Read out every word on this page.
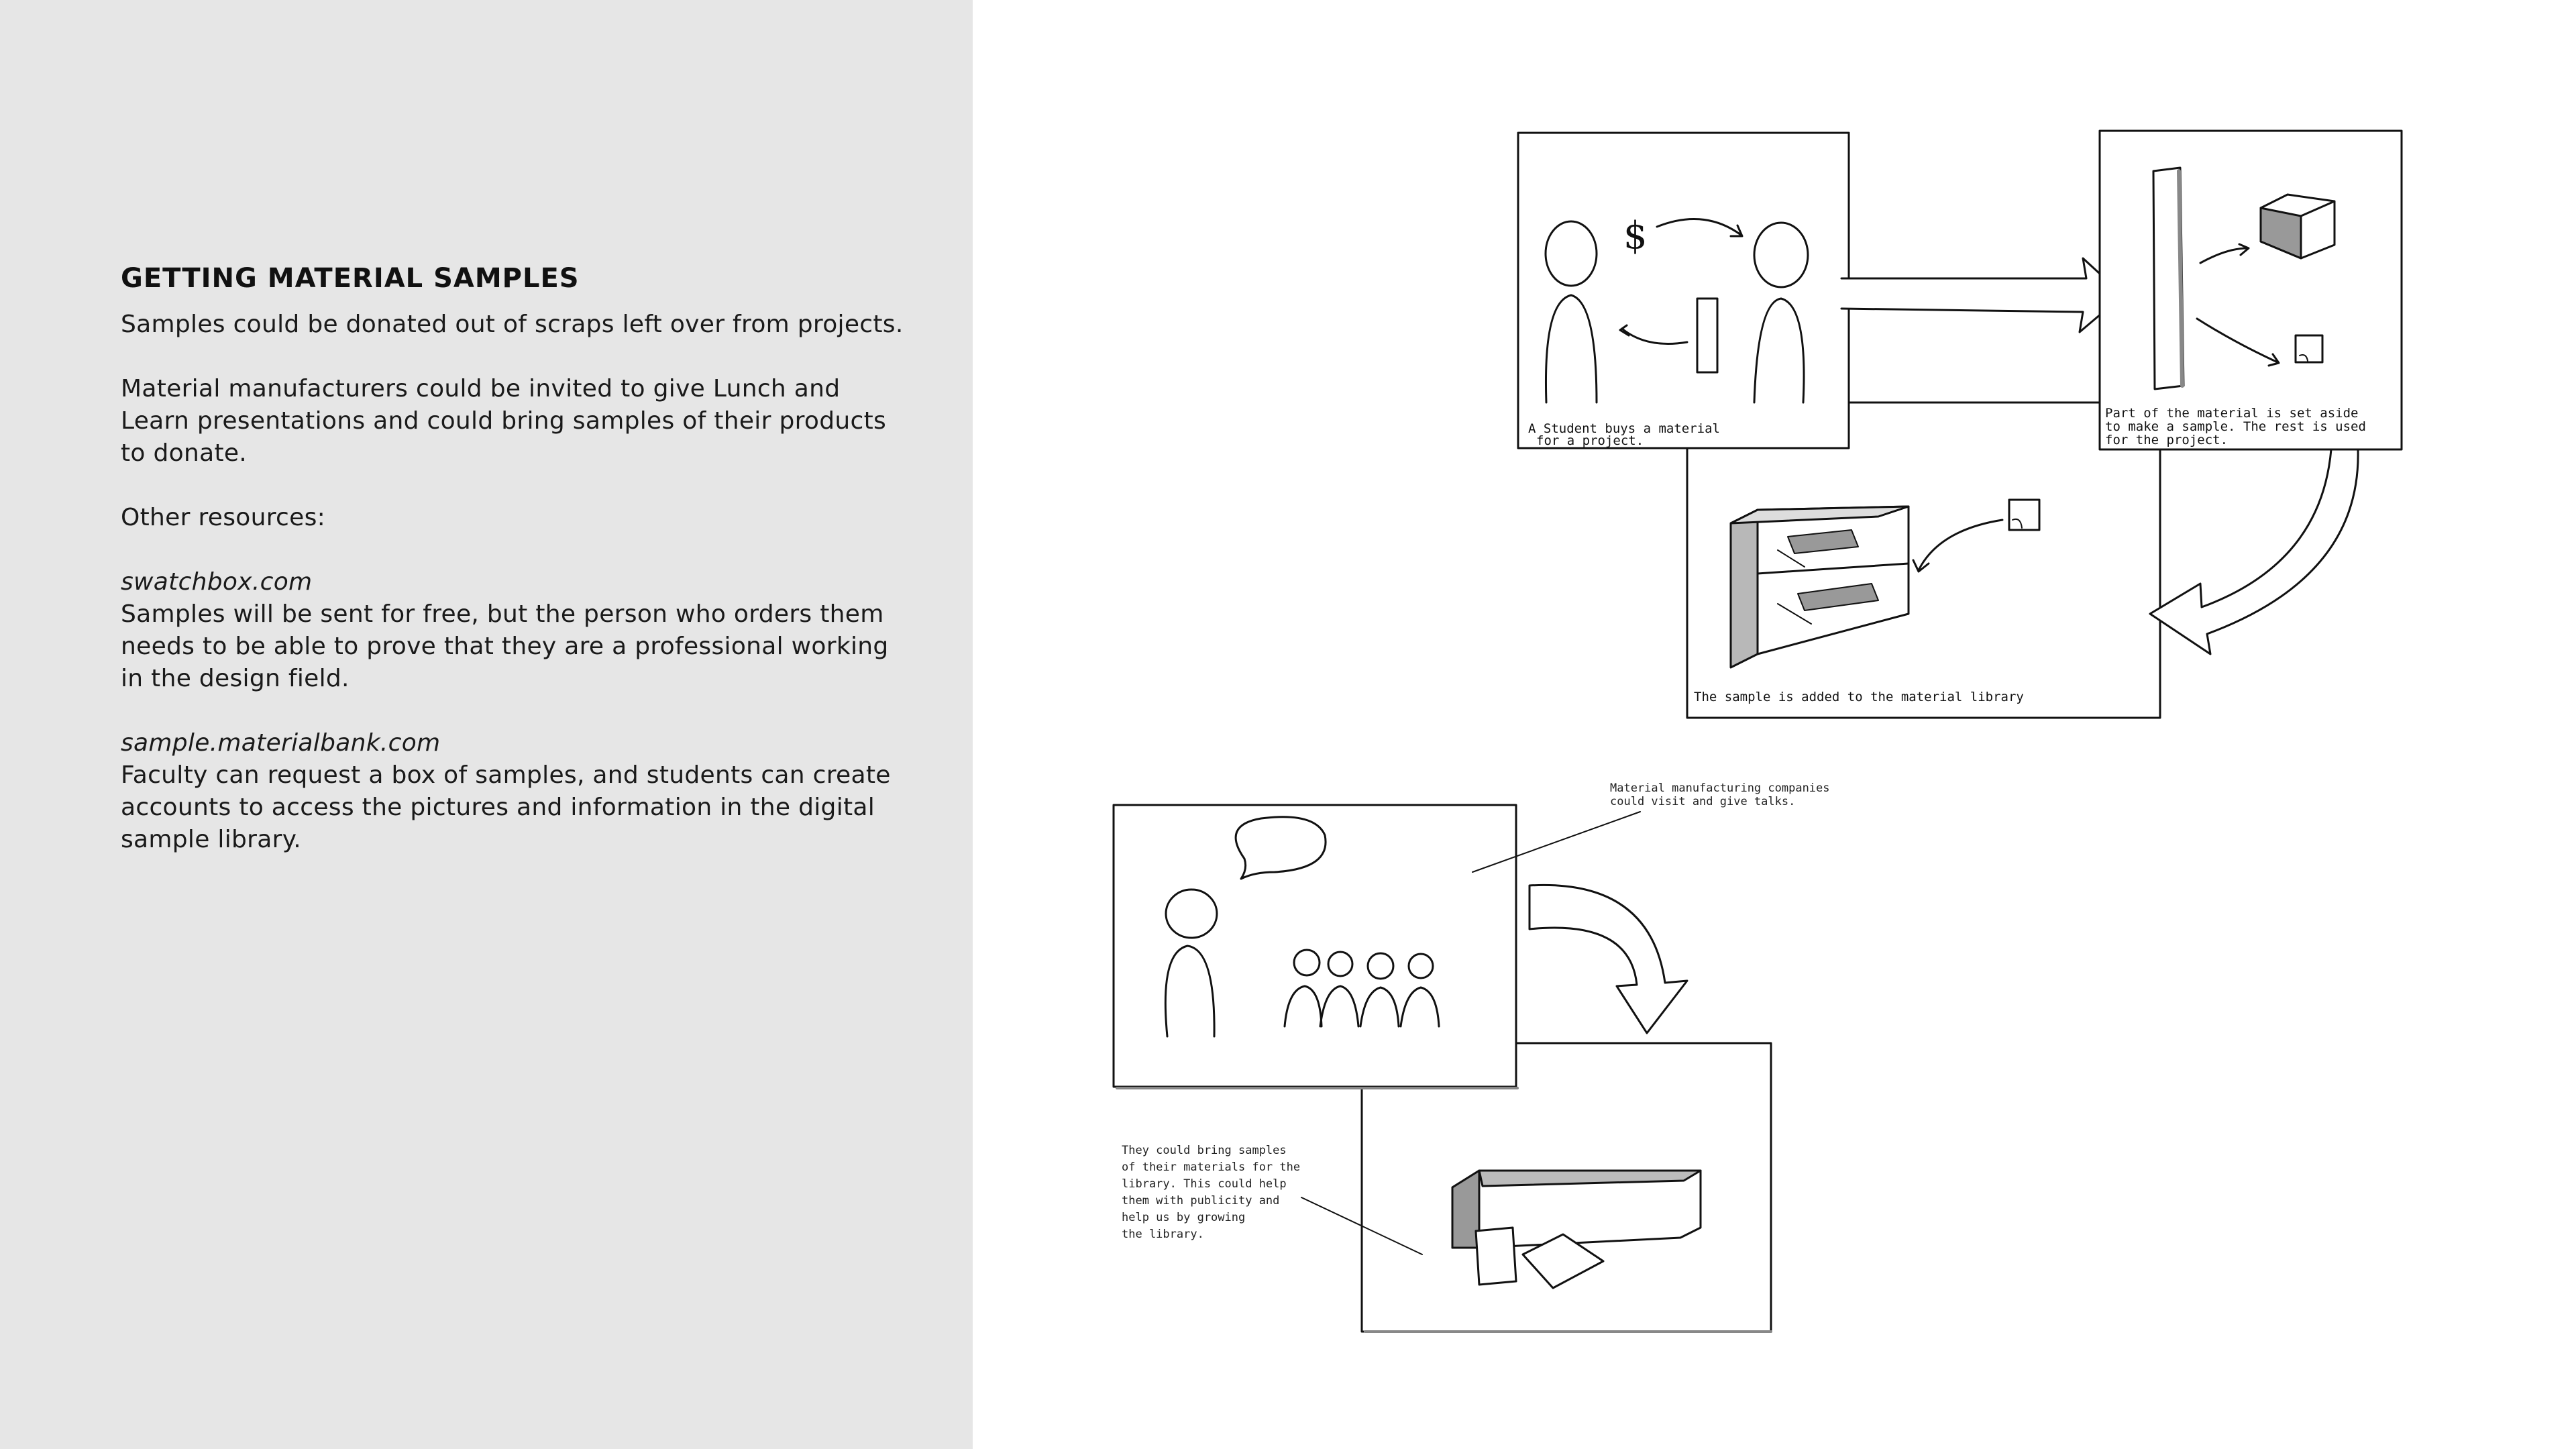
GETTING MATERIAL SAMPLES

Samples could be donated out of scraps left over from projects.

Material manufacturers could be invited to give Lunch and
Learn presentations and could bring samples of their products
to donate.

Other resources:

swatchbox.com
Samples will be sent for free, but the person who orders them
needs to be able to prove that they are a professional working
in the design field.

sample.materialbank.com
Faculty can request a box of samples, and students can create
accounts to access the pictures and information in the digital
sample library.

The sample is added to the material library
$
A Student buys a material
for a project.
Part of the material is set aside
to make a sample. The rest is used
for the project.
Material manufacturing companies
could visit and give talks.
They could bring samples
of their materials for the
library. This could help
them with publicity and
help us by growing
the library.
